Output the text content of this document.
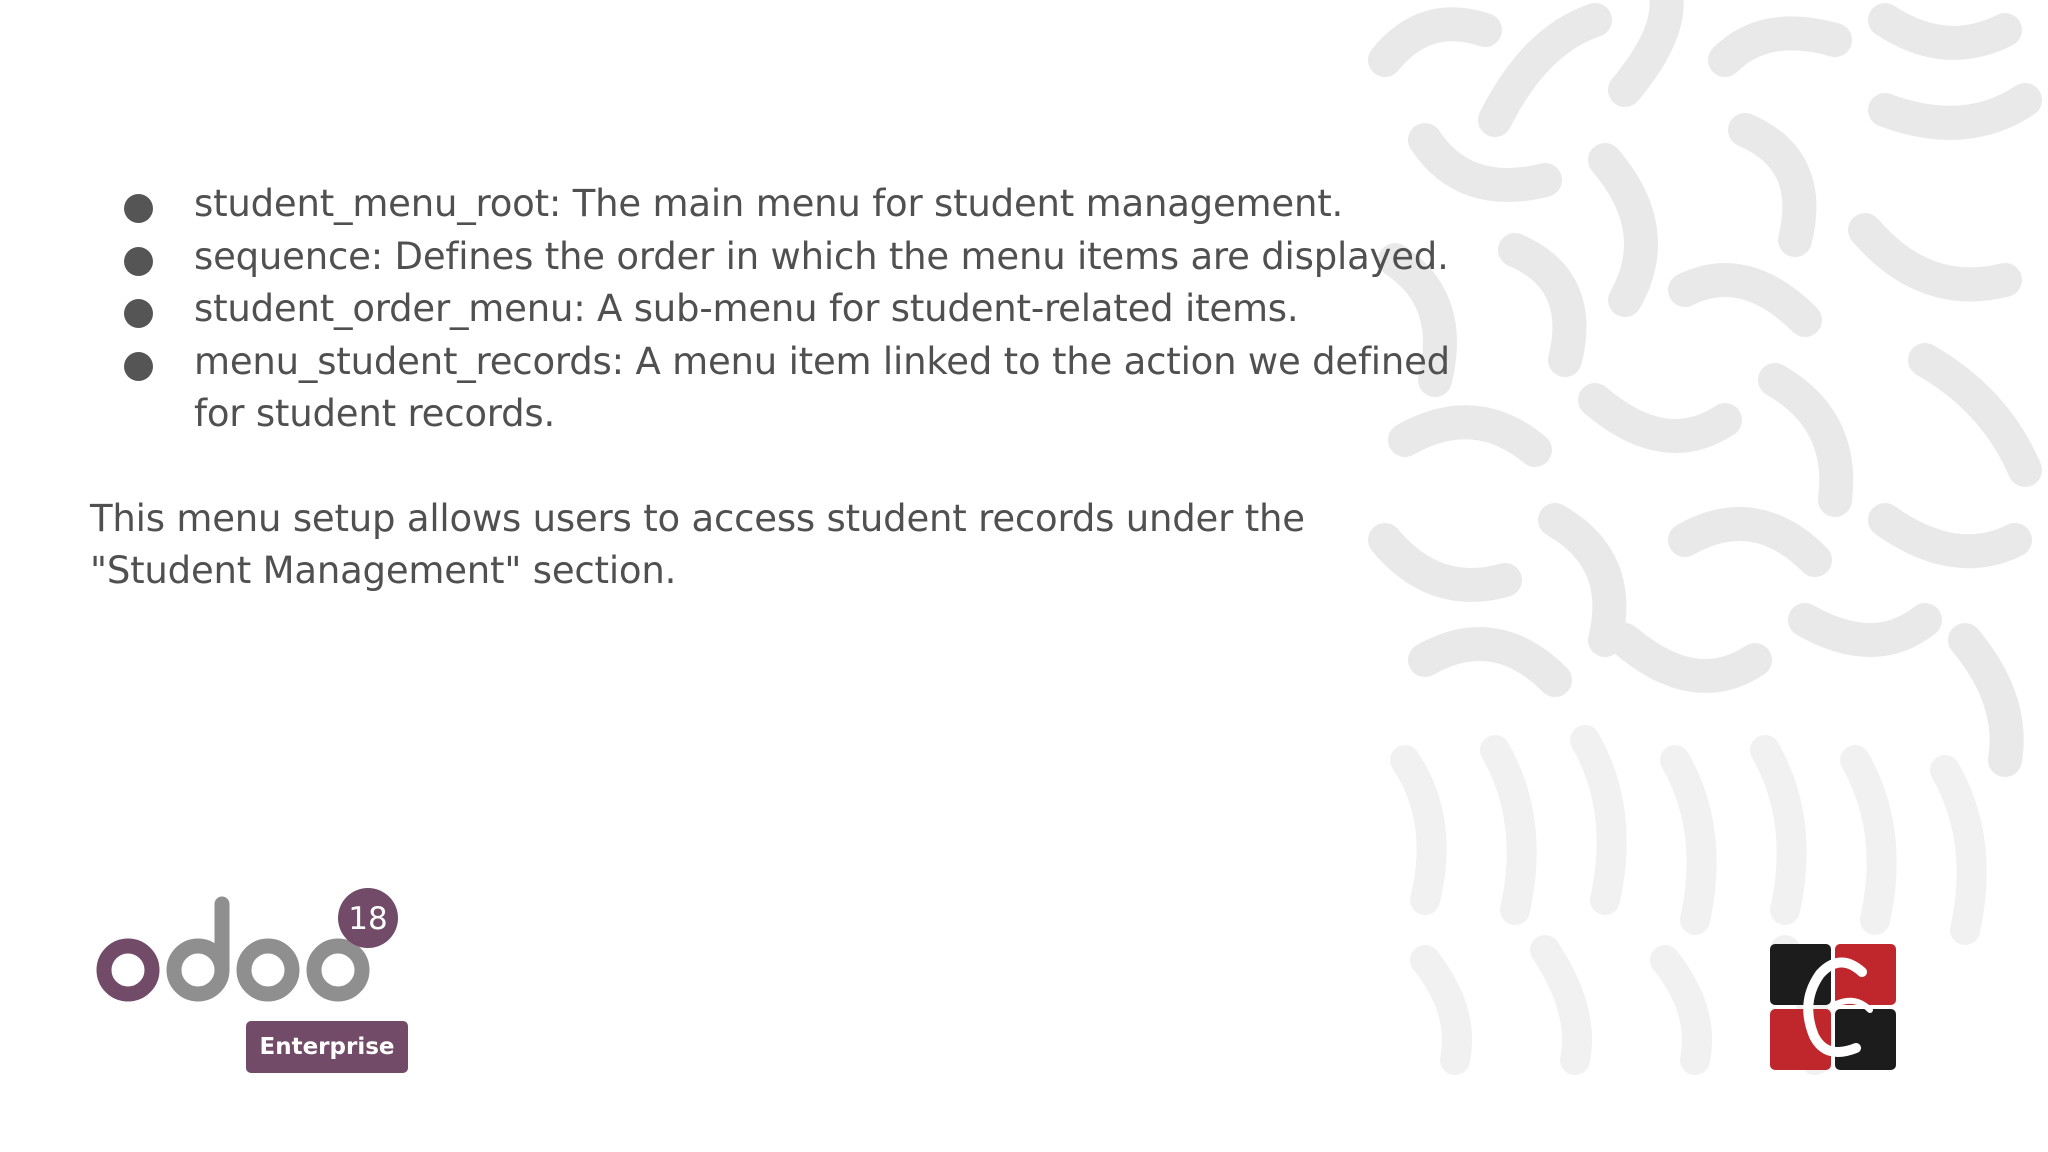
student_menu_root: The main menu for student management.
sequence: Defines the order in which the menu items are displayed.
student_order_menu: A sub-menu for student-related items.
menu_student_records: A menu item linked to the action we defined for student records.

This menu setup allows users to access student records under the "Student Management" section.

18
Enterprise
